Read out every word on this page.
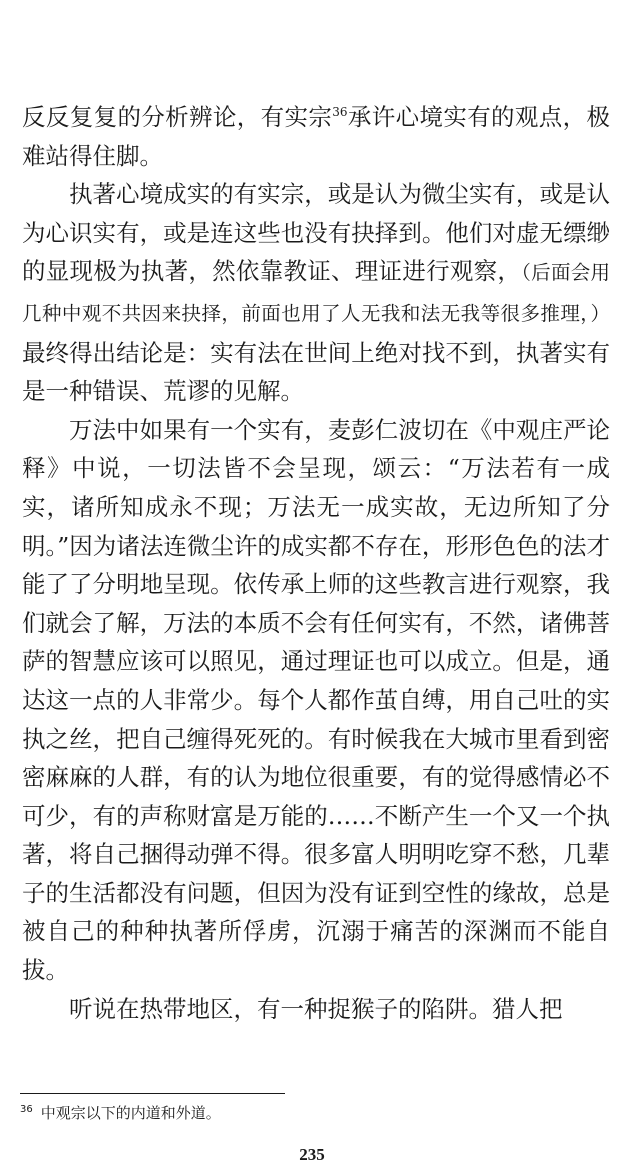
反反复复的分析辨论，有实宗$^{36}$承许心境实有的观点，极难站得住脚。

执著心境成实的有实宗，或是认为微尘实有，或是认为心识实有，或是连这些也没有抉择到。他们对虚无缥缈的显现极为执著，然依靠教证、理证进行观察，（后面会用几种中观不共因来抉择，前面也用了人无我和法无我等很多推理，）最终得出结论是：实有法在世间上绝对找不到，执著实有是一种错误、荒谬的见解。

万法中如果有一个实有，麦彭仁波切在《中观庄严论释》中说，一切法皆不会呈现，颂云：“万法若有一成实，诸所知成永不现；万法无一成实故，无边所知了分明。”因为诸法连微尘许的成实都不存在，形形色色的法才能了了分明地呈现。依传承上师的这些教言进行观察，我们就会了解，万法的本质不会有任何实有，不然，诸佛菩萨的智慧应该可以照见，通过理证也可以成立。但是，通达这一点的人非常少。每个人都作茧自缚，用自己吐的实执之丝，把自己缠得死死的。有时候我在大城市里看到密密麻麻的人群，有的认为地位很重要，有的觉得感情必不可少，有的声称财富是万能的……不断产生一个又一个执著，将自己捆得动弹不得。很多富人明明吃穿不愁，几辈子的生活都没有问题，但因为没有证到空性的缘故，总是被自己的种种执著所俘虏，沉溺于痛苦的深渊而不能自拔。

听说在热带地区，有一种捉猴子的陷阱。猎人把

$^{36}$ 中观宗以下的内道和外道。
235
